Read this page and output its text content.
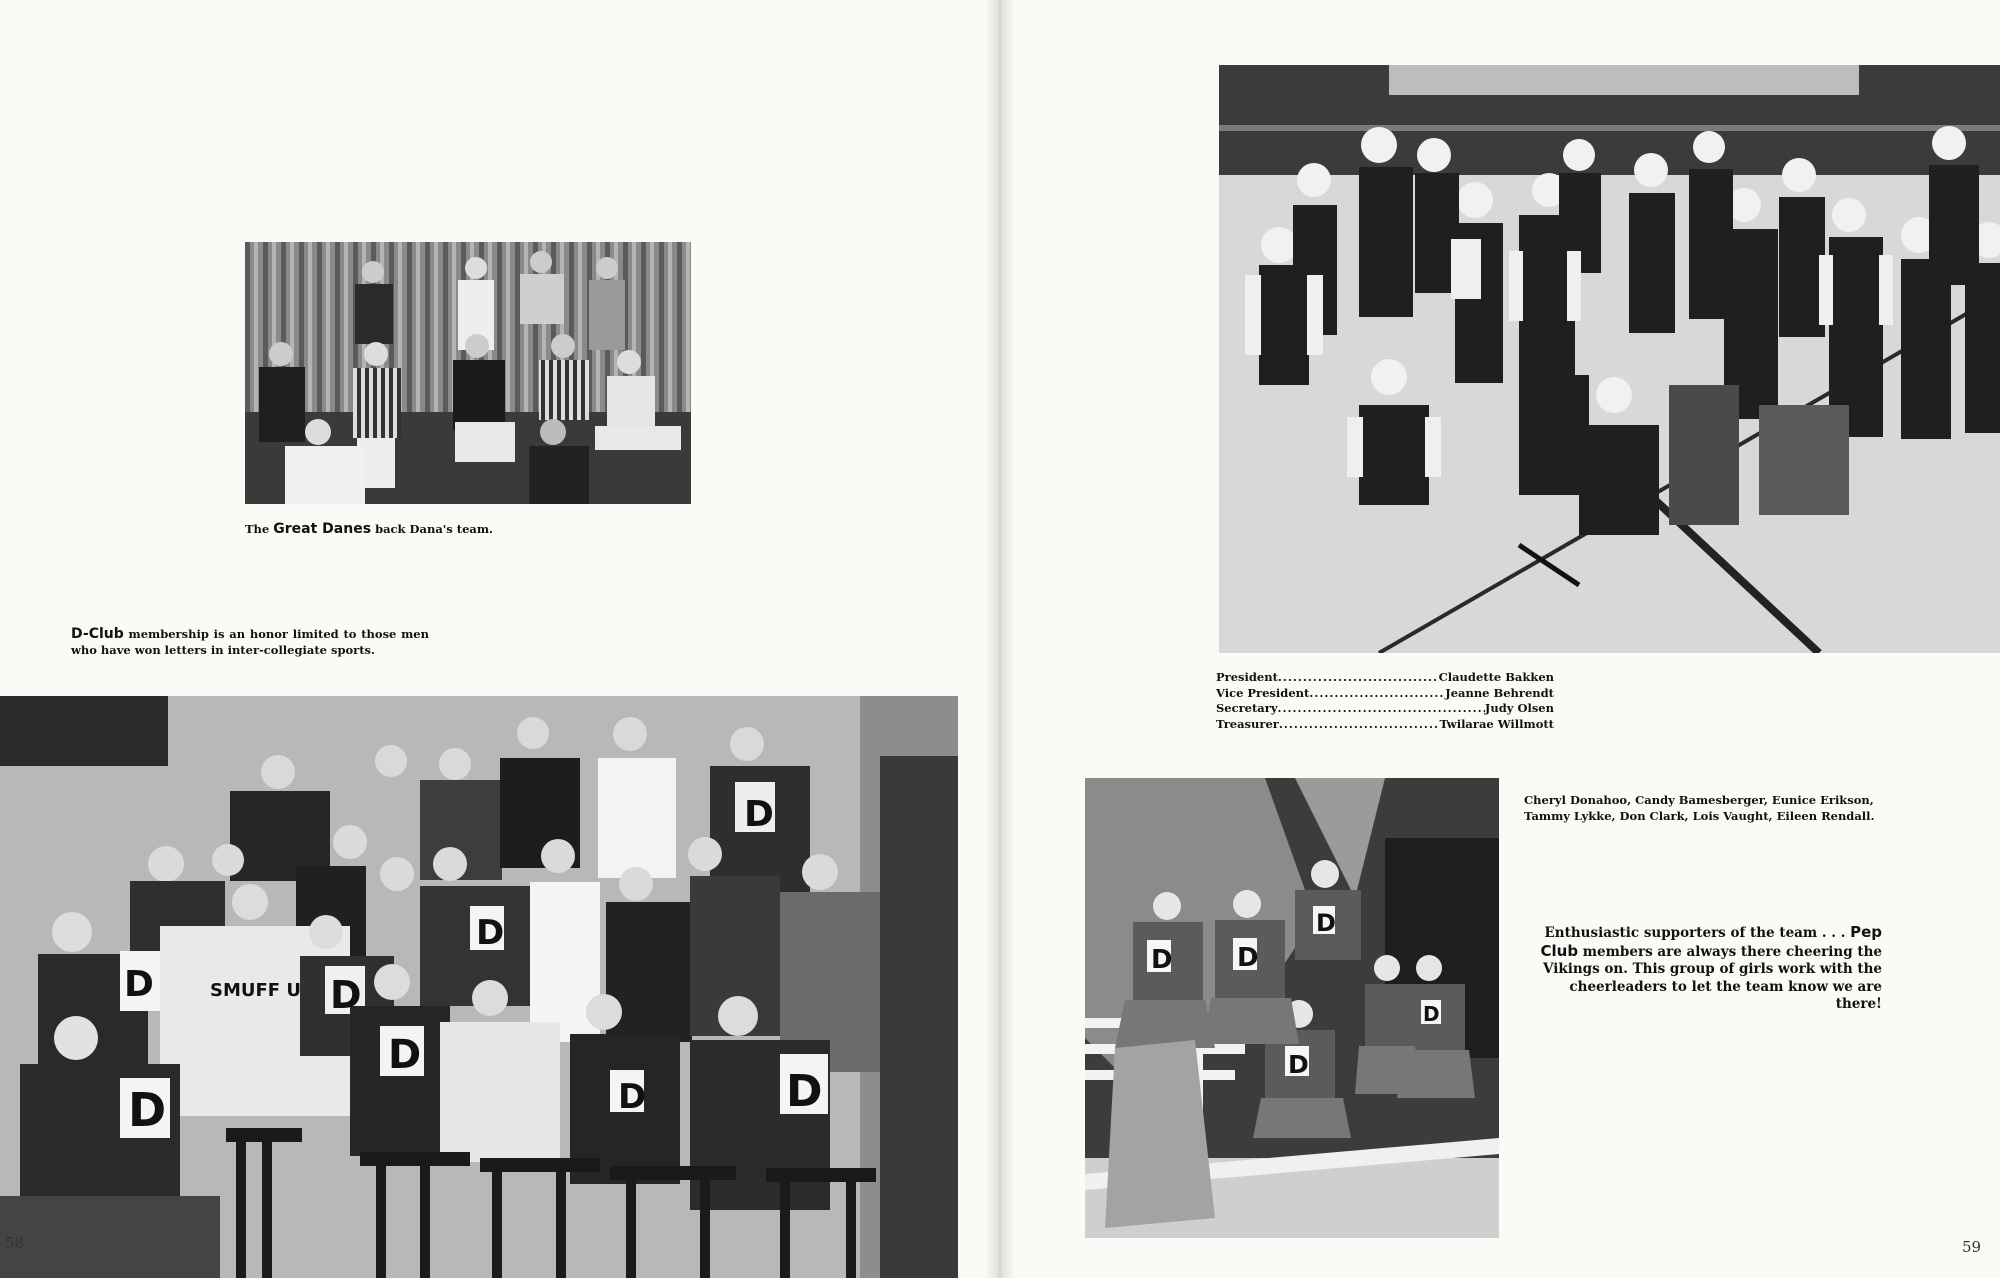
The Great Danes back Dana's team.
D-Club membership is an honor limited to those men who have won letters in inter-collegiate sports.
D
D
D	D
D
D
D
D	SMUFF U
58
President .....	Claudette Bakken
Vice President .....	Jeanne Behrendt
Secretary .....	Judy Olsen
Treasurer .....	Twilarae Willmott
D D
D
D
D
Cheryl Donahoo, Candy Bamesberger, Eunice Erikson, Tammy Lykke, Don Clark, Lois Vaught, Eileen Rendall.
Enthusiastic supporters of the team . . . Pep Club members are always there cheering the Vikings on. This group of girls work with the cheerleaders to let the team know we are there!
59
